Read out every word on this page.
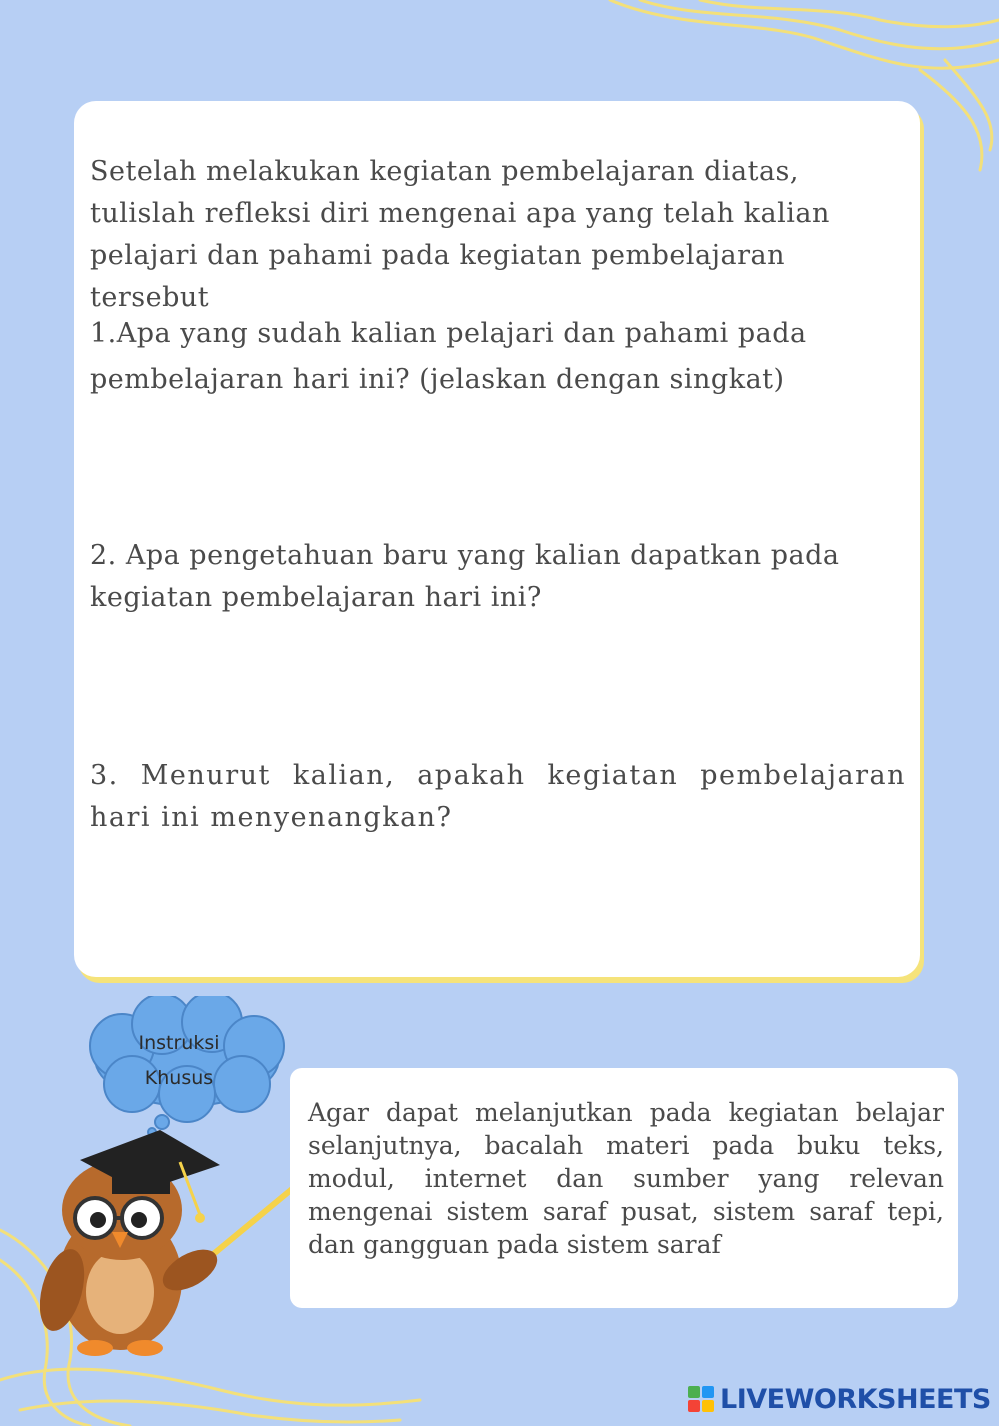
Setelah melakukan kegiatan pembelajaran diatas, tulislah refleksi diri mengenai apa yang telah kalian pelajari dan pahami pada kegiatan pembelajaran tersebut

1.Apa yang sudah kalian pelajari dan pahami pada pembelajaran hari ini? (jelaskan dengan singkat)

2. Apa pengetahuan baru yang kalian dapatkan pada kegiatan pembelajaran hari ini?

3. Menurut kalian, apakah kegiatan pembelajaran hari ini menyenangkan?

Instruksi
Khusus

Agar dapat melanjutkan pada kegiatan belajar selanjutnya, bacalah materi pada buku teks, modul, internet dan sumber yang relevan mengenai sistem saraf pusat, sistem saraf tepi, dan gangguan pada sistem saraf

LIVEWORKSHEETS
